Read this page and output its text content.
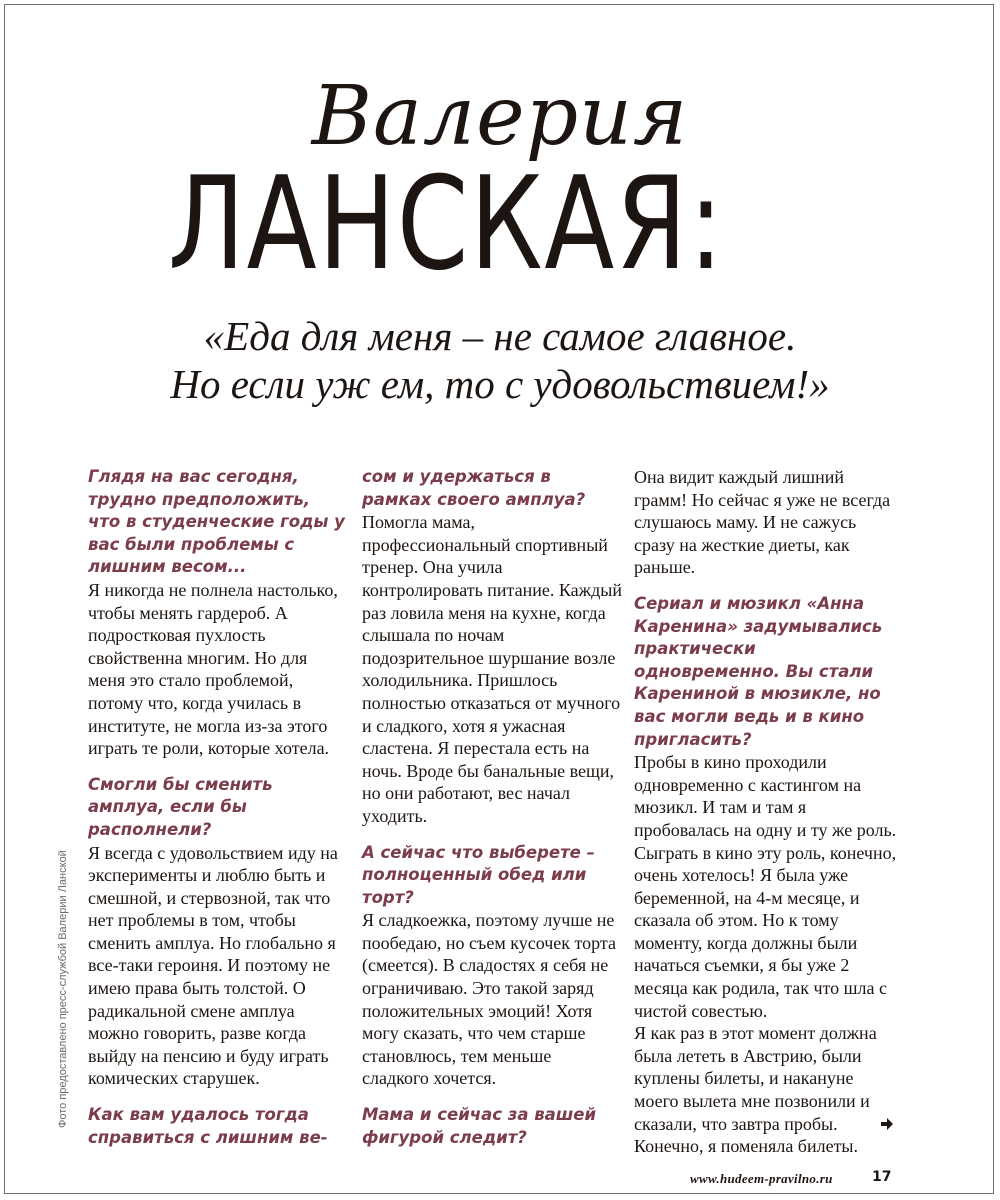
Валерия
ЛАНСКАЯ:
«Еда для меня – не самое главное.
Но если уж ем, то с удовольствием!»
Глядя на вас сегодня, трудно предположить, что в студенческие годы у вас были проблемы с лишним весом...
Я никогда не полнела настолько, чтобы менять гардероб. А подростковая пухлость свойственна многим. Но для меня это стало проблемой, потому что, когда училась в институте, не могла из-за этого играть те роли, которые хотела.
Смогли бы сменить амплуа, если бы располнели?
Я всегда с удовольствием иду на эксперименты и люблю быть и смешной, и стервозной, так что нет проблемы в том, чтобы сменить амплуа. Но глобально я все-таки героиня. И поэтому не имею права быть толстой. О радикальной смене амплуа можно говорить, разве когда выйду на пенсию и буду играть комических старушек.
Как вам удалось тогда справиться с лишним ве-
сом и удержаться в рамках своего амплуа?
Помогла мама, профессиональный спортивный тренер. Она учила контролировать питание. Каждый раз ловила меня на кухне, когда слышала по ночам подозрительное шуршание возле холодильника. Пришлось полностью отказаться от мучного и сладкого, хотя я ужасная сластена. Я перестала есть на ночь. Вроде бы банальные вещи, но они работают, вес начал уходить.
А сейчас что выберете – полноценный обед или торт?
Я сладкоежка, поэтому лучше не пообедаю, но съем кусочек торта (смеется). В сладостях я себя не ограничиваю. Это такой заряд положительных эмоций! Хотя могу сказать, что чем старше становлюсь, тем меньше сладкого хочется.
Мама и сейчас за вашей фигурой следит?
Она видит каждый лишний грамм! Но сейчас я уже не всегда слушаюсь маму. И не сажусь сразу на жесткие диеты, как раньше.
Сериал и мюзикл «Анна Каренина» задумывались практически одновременно. Вы стали Карениной в мюзикле, но вас могли ведь и в кино пригласить?
Пробы в кино проходили одновременно с кастингом на мюзикл. И там и там я пробовалась на одну и ту же роль. Сыграть в кино эту роль, конечно, очень хотелось! Я была уже беременной, на 4-м месяце, и сказала об этом. Но к тому моменту, когда должны были начаться съемки, я бы уже 2 месяца как родила, так что шла с чистой совестью.
Я как раз в этот момент должна была лететь в Австрию, были куплены билеты, и накануне моего вылета мне позвонили и сказали, что завтра пробы. Конечно, я поменяла билеты.
Фото предоставлено пресс-службой Валерии Ланской
www.hudeem-pravilno.ru	17
